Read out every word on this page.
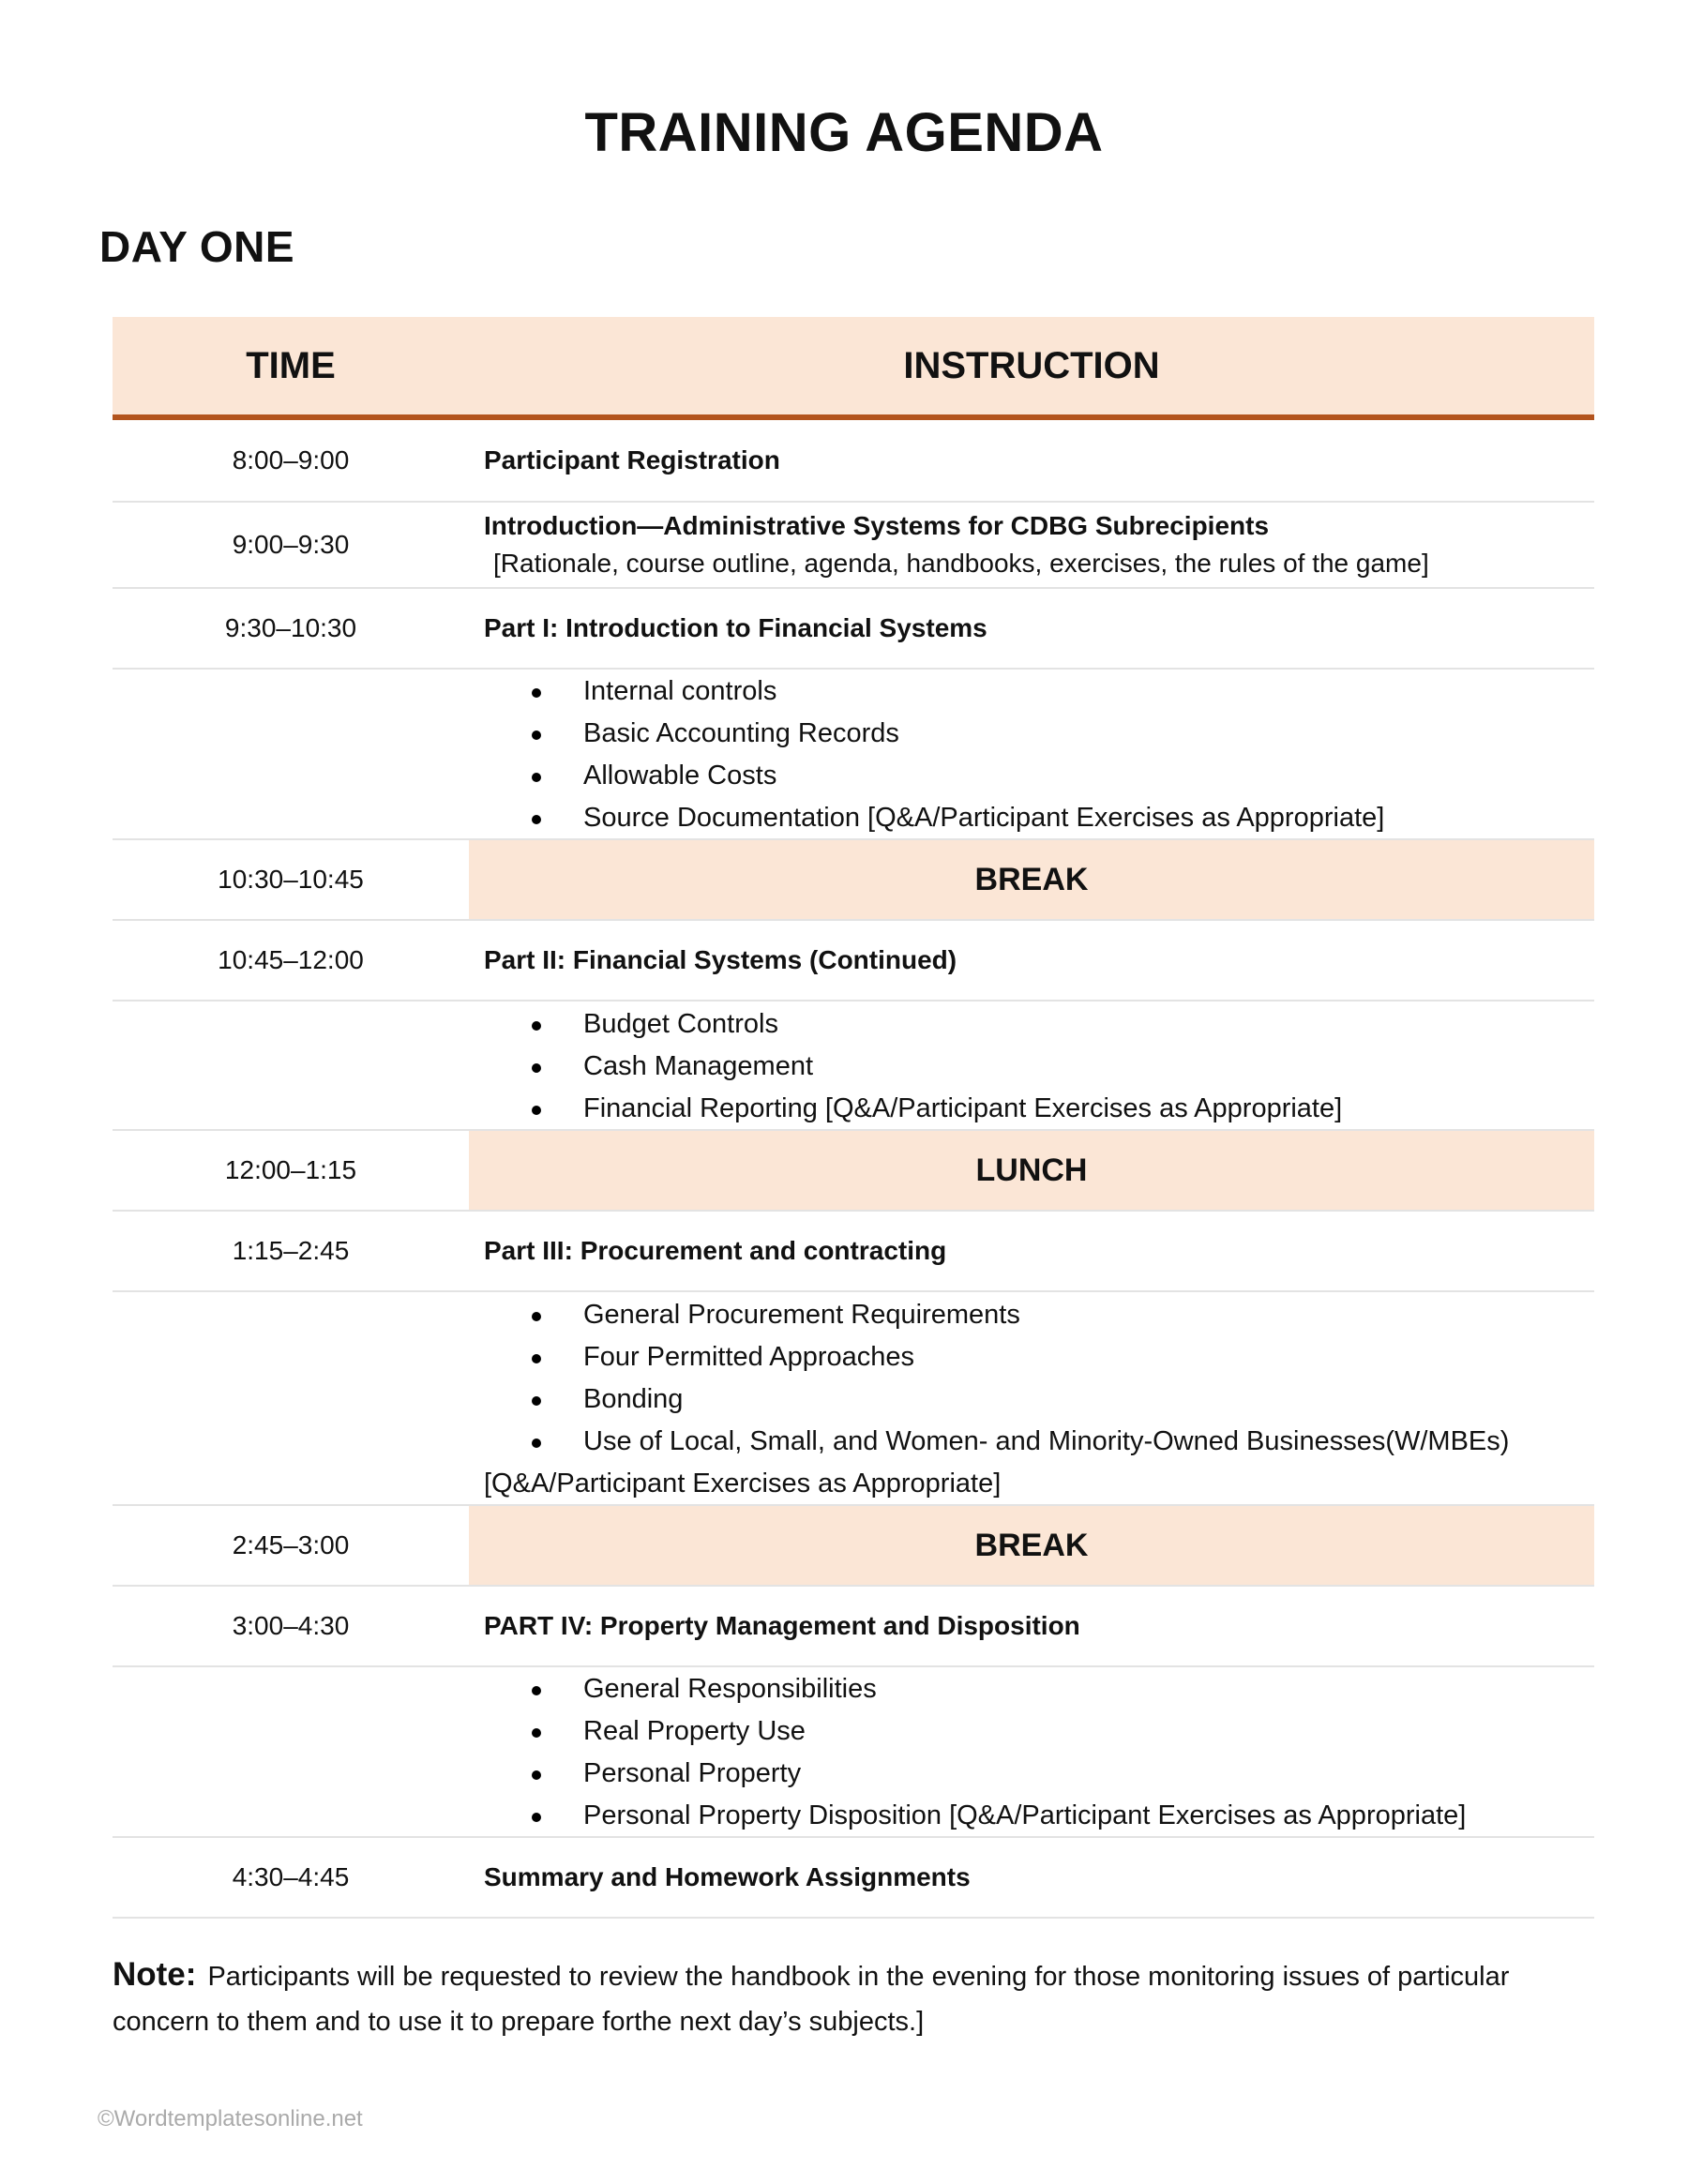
TRAINING AGENDA
DAY ONE
TIME	INSTRUCTION
8:00–9:00	Participant Registration
9:00–9:30
Introduction—Administrative Systems for CDBG Subrecipients
[Rationale, course outline, agenda, handbooks, exercises, the rules of the game]
9:30–10:30	Part I: Introduction to Financial Systems
Internal controls
Basic Accounting Records
Allowable Costs
Source Documentation [Q&A/Participant Exercises as Appropriate]
10:30–10:45	BREAK
10:45–12:00	Part II: Financial Systems (Continued)
Budget Controls
Cash Management
Financial Reporting [Q&A/Participant Exercises as Appropriate]
12:00–1:15	LUNCH
1:15–2:45	Part III: Procurement and contracting
General Procurement Requirements
Four Permitted Approaches
Bonding
Use of Local, Small, and Women- and Minority-Owned Businesses(W/MBEs)
[Q&A/Participant Exercises as Appropriate]
2:45–3:00	BREAK
3:00–4:30	PART IV: Property Management and Disposition
General Responsibilities
Real Property Use
Personal Property
Personal Property Disposition [Q&A/Participant Exercises as Appropriate]
4:30–4:45	Summary and Homework Assignments
Note: Participants will be requested to review the handbook in the evening for those monitoring issues of particular concern to them and to use it to prepare forthe next day’s subjects.]
©Wordtemplatesonline.net
